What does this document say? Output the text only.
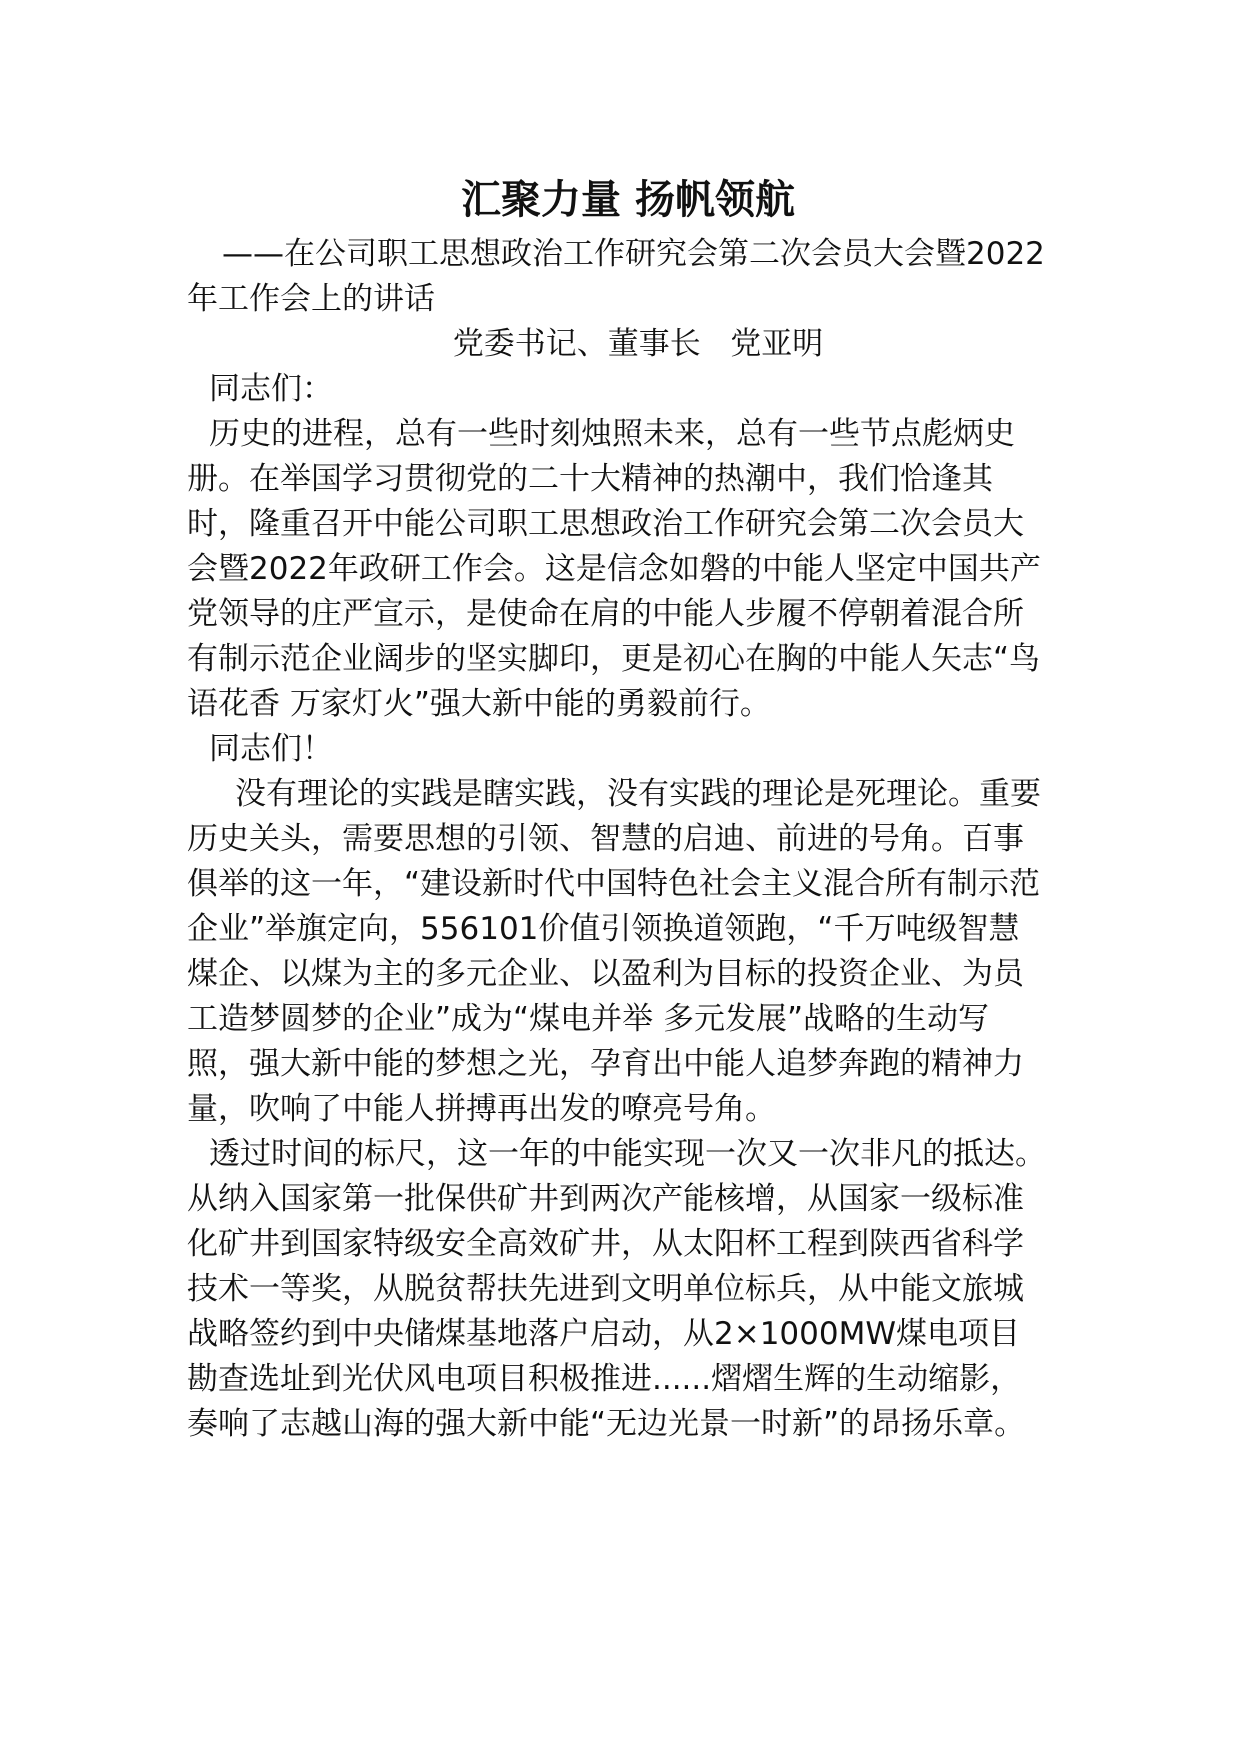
汇聚力量 扬帆领航

——在公司职工思想政治工作研究会第二次会员大会暨2022年工作会上的讲话

党委书记、董事长 党亚明

同志们：

历史的进程，总有一些时刻烛照未来，总有一些节点彪炳史册。在举国学习贯彻党的二十大精神的热潮中，我们恰逢其时，隆重召开中能公司职工思想政治工作研究会第二次会员大会暨2022年政研工作会。这是信念如磐的中能人坚定中国共产党领导的庄严宣示，是使命在肩的中能人步履不停朝着混合所有制示范企业阔步的坚实脚印，更是初心在胸的中能人矢志“鸟语花香 万家灯火”强大新中能的勇毅前行。

同志们！

没有理论的实践是瞎实践，没有实践的理论是死理论。重要历史关头，需要思想的引领、智慧的启迪、前进的号角。百事俱举的这一年，“建设新时代中国特色社会主义混合所有制示范企业”举旗定向，556101价值引领换道领跑，“千万吨级智慧煤企、以煤为主的多元企业、以盈利为目标的投资企业、为员工造梦圆梦的企业”成为“煤电并举 多元发展”战略的生动写照，强大新中能的梦想之光，孕育出中能人追梦奔跑的精神力量，吹响了中能人拼搏再出发的嘹亮号角。

透过时间的标尺，这一年的中能实现一次又一次非凡的抵达。从纳入国家第一批保供矿井到两次产能核增，从国家一级标准化矿井到国家特级安全高效矿井，从太阳杯工程到陕西省科学技术一等奖，从脱贫帮扶先进到文明单位标兵，从中能文旅城战略签约到中央储煤基地落户启动，从2×1000MW煤电项目勘查选址到光伏风电项目积极推进......熠熠生辉的生动缩影，奏响了志越山海的强大新中能“无边光景一时新”的昂扬乐章。
